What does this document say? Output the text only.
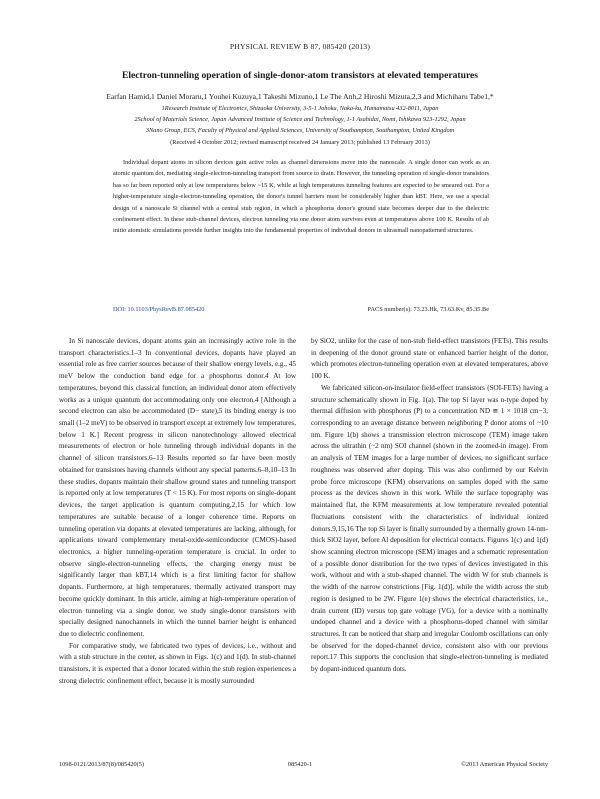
PHYSICAL REVIEW B 87, 085420 (2013)
Electron-tunneling operation of single-donor-atom transistors at elevated temperatures
Earfan Hamid,1 Daniel Moraru,1 Youhei Kuzuya,1 Takeshi Mizuno,1 Le The Anh,2 Hiroshi Mizuta,2,3 and Michiharu Tabe1,*
1Research Institute of Electronics, Shizuoka University, 3-5-1 Johoku, Naka-ku, Hamamatsu 432-8011, Japan
2School of Materials Science, Japan Advanced Institute of Science and Technology, 1-1 Asahidai, Nomi, Ishikawa 923-1292, Japan
3Nano Group, ECS, Faculty of Physical and Applied Sciences, University of Southampton, Southampton, United Kingdom
(Received 4 October 2012; revised manuscript received 24 January 2013; published 13 February 2013)
Individual dopant atoms in silicon devices gain active roles as channel dimensions move into the nanoscale. A single donor can work as an atomic quantum dot, mediating single-electron-tunneling transport from source to drain. However, the tunneling operation of single-donor transistors has so far been reported only at low temperatures below ~15 K, while at high temperatures tunneling features are expected to be smeared out. For a higher-temperature single-electron-tunneling operation, the donor's tunnel barriers must be considerably higher than kBT. Here, we use a special design of a nanoscale Si channel with a central stub region, in which a phosphorus donor's ground state becomes deeper due to the dielectric confinement effect. In these stub-channel devices, electron tunneling via one donor atom survives even at temperatures above 100 K. Results of ab initio atomistic simulations provide further insights into the fundamental properties of individual donors in ultrasmall nanopatterned structures.
DOI: 10.1103/PhysRevB.87.085420	PACS number(s): 73.23.Hk, 73.63.Kv, 85.35.Be

In Si nanoscale devices, dopant atoms gain an increasingly active role in the transport characteristics.1–3 In conventional devices, dopants have played an essential role as free carrier sources because of their shallow energy levels, e.g., 45 meV below the conduction band edge for a phosphorus donor.4 At low temperatures, beyond this classical function, an individual donor atom effectively works as a unique quantum dot accommodating only one electron.4 [Although a second electron can also be accommodated (D− state),5 its binding energy is too small (1–2 meV) to be observed in transport except at extremely low temperatures, below 1 K.] Recent progress in silicon nanotechnology allowed electrical measurements of electron or hole tunneling through individual dopants in the channel of silicon transistors.6–13 Results reported so far have been mostly obtained for transistors having channels without any special patterns.6–8,10–13 In these studies, dopants maintain their shallow ground states and tunneling transport is reported only at low temperatures (T < 15 K). For most reports on single-dopant devices, the target application is quantum computing,2,15 for which low temperatures are suitable because of a longer coherence time. Reports on tunneling operation via dopants at elevated temperatures are lacking, although, for applications toward complementary metal-oxide-semiconductor (CMOS)-based electronics, a higher tunneling-operation temperature is crucial. In order to observe single-electron-tunneling effects, the charging energy must be significantly larger than kBT,14 which is a first limiting factor for shallow dopants. Furthermore, at high temperatures, thermally activated transport may become quickly dominant. In this article, aiming at high-temperature operation of electron tunneling via a single donor, we study single-donor transistors with specially designed nanochannels in which the tunnel barrier height is enhanced due to dielectric confinement.

For comparative study, we fabricated two types of devices, i.e., without and with a stub structure in the center, as shown in Figs. 1(c) and 1(d). In stub-channel transistors, it is expected that a donor located within the stub region experiences a strong dielectric confinement effect, because it is mostly surrounded

by SiO2, unlike for the case of non-stub field-effect transistors (FETs). This results in deepening of the donor ground state or enhanced barrier height of the donor, which promotes electron-tunneling operation even at elevated temperatures, above 100 K.

We fabricated silicon-on-insulator field-effect transistors (SOI-FETs) having a structure schematically shown in Fig. 1(a). The top Si layer was n-type doped by thermal diffusion with phosphorus (P) to a concentration ND ≅ 1 × 1018 cm−3, corresponding to an average distance between neighboring P donor atoms of ~10 nm. Figure 1(b) shows a transmission electron microscope (TEM) image taken across the ultrathin (~2 nm) SOI channel (shown in the zoomed-in image). From an analysis of TEM images for a large number of devices, no significant surface roughness was observed after doping. This was also confirmed by our Kelvin probe force microscope (KFM) observations on samples doped with the same process as the devices shown in this work. While the surface topography was maintained flat, the KFM measurements at low temperature revealed potential fluctuations consistent with the characteristics of individual ionized donors.9,15,16 The top Si layer is finally surrounded by a thermally grown 14-nm-thick SiO2 layer, before Al deposition for electrical contacts. Figures 1(c) and 1(d) show scanning electron microscope (SEM) images and a schematic representation of a possible donor distribution for the two types of devices investigated in this work, without and with a stub-shaped channel. The width W for stub channels is the width of the narrow constrictions [Fig. 1(d)], while the width across the stub region is designed to be 2W. Figure 1(e) shows the electrical characteristics, i.e., drain current (ID) versus top gate voltage (VG), for a device with a nominally undoped channel and a device with a phosphorus-doped channel with similar structures. It can be noticed that sharp and irregular Coulomb oscillations can only be observed for the doped-channel device, consistent also with our previous report.17 This supports the conclusion that single-electron-tunneling is mediated by dopant-induced quantum dots.

1098-0121/2013/87(8)/085420(5)	085420-1	©2013 American Physical Society
